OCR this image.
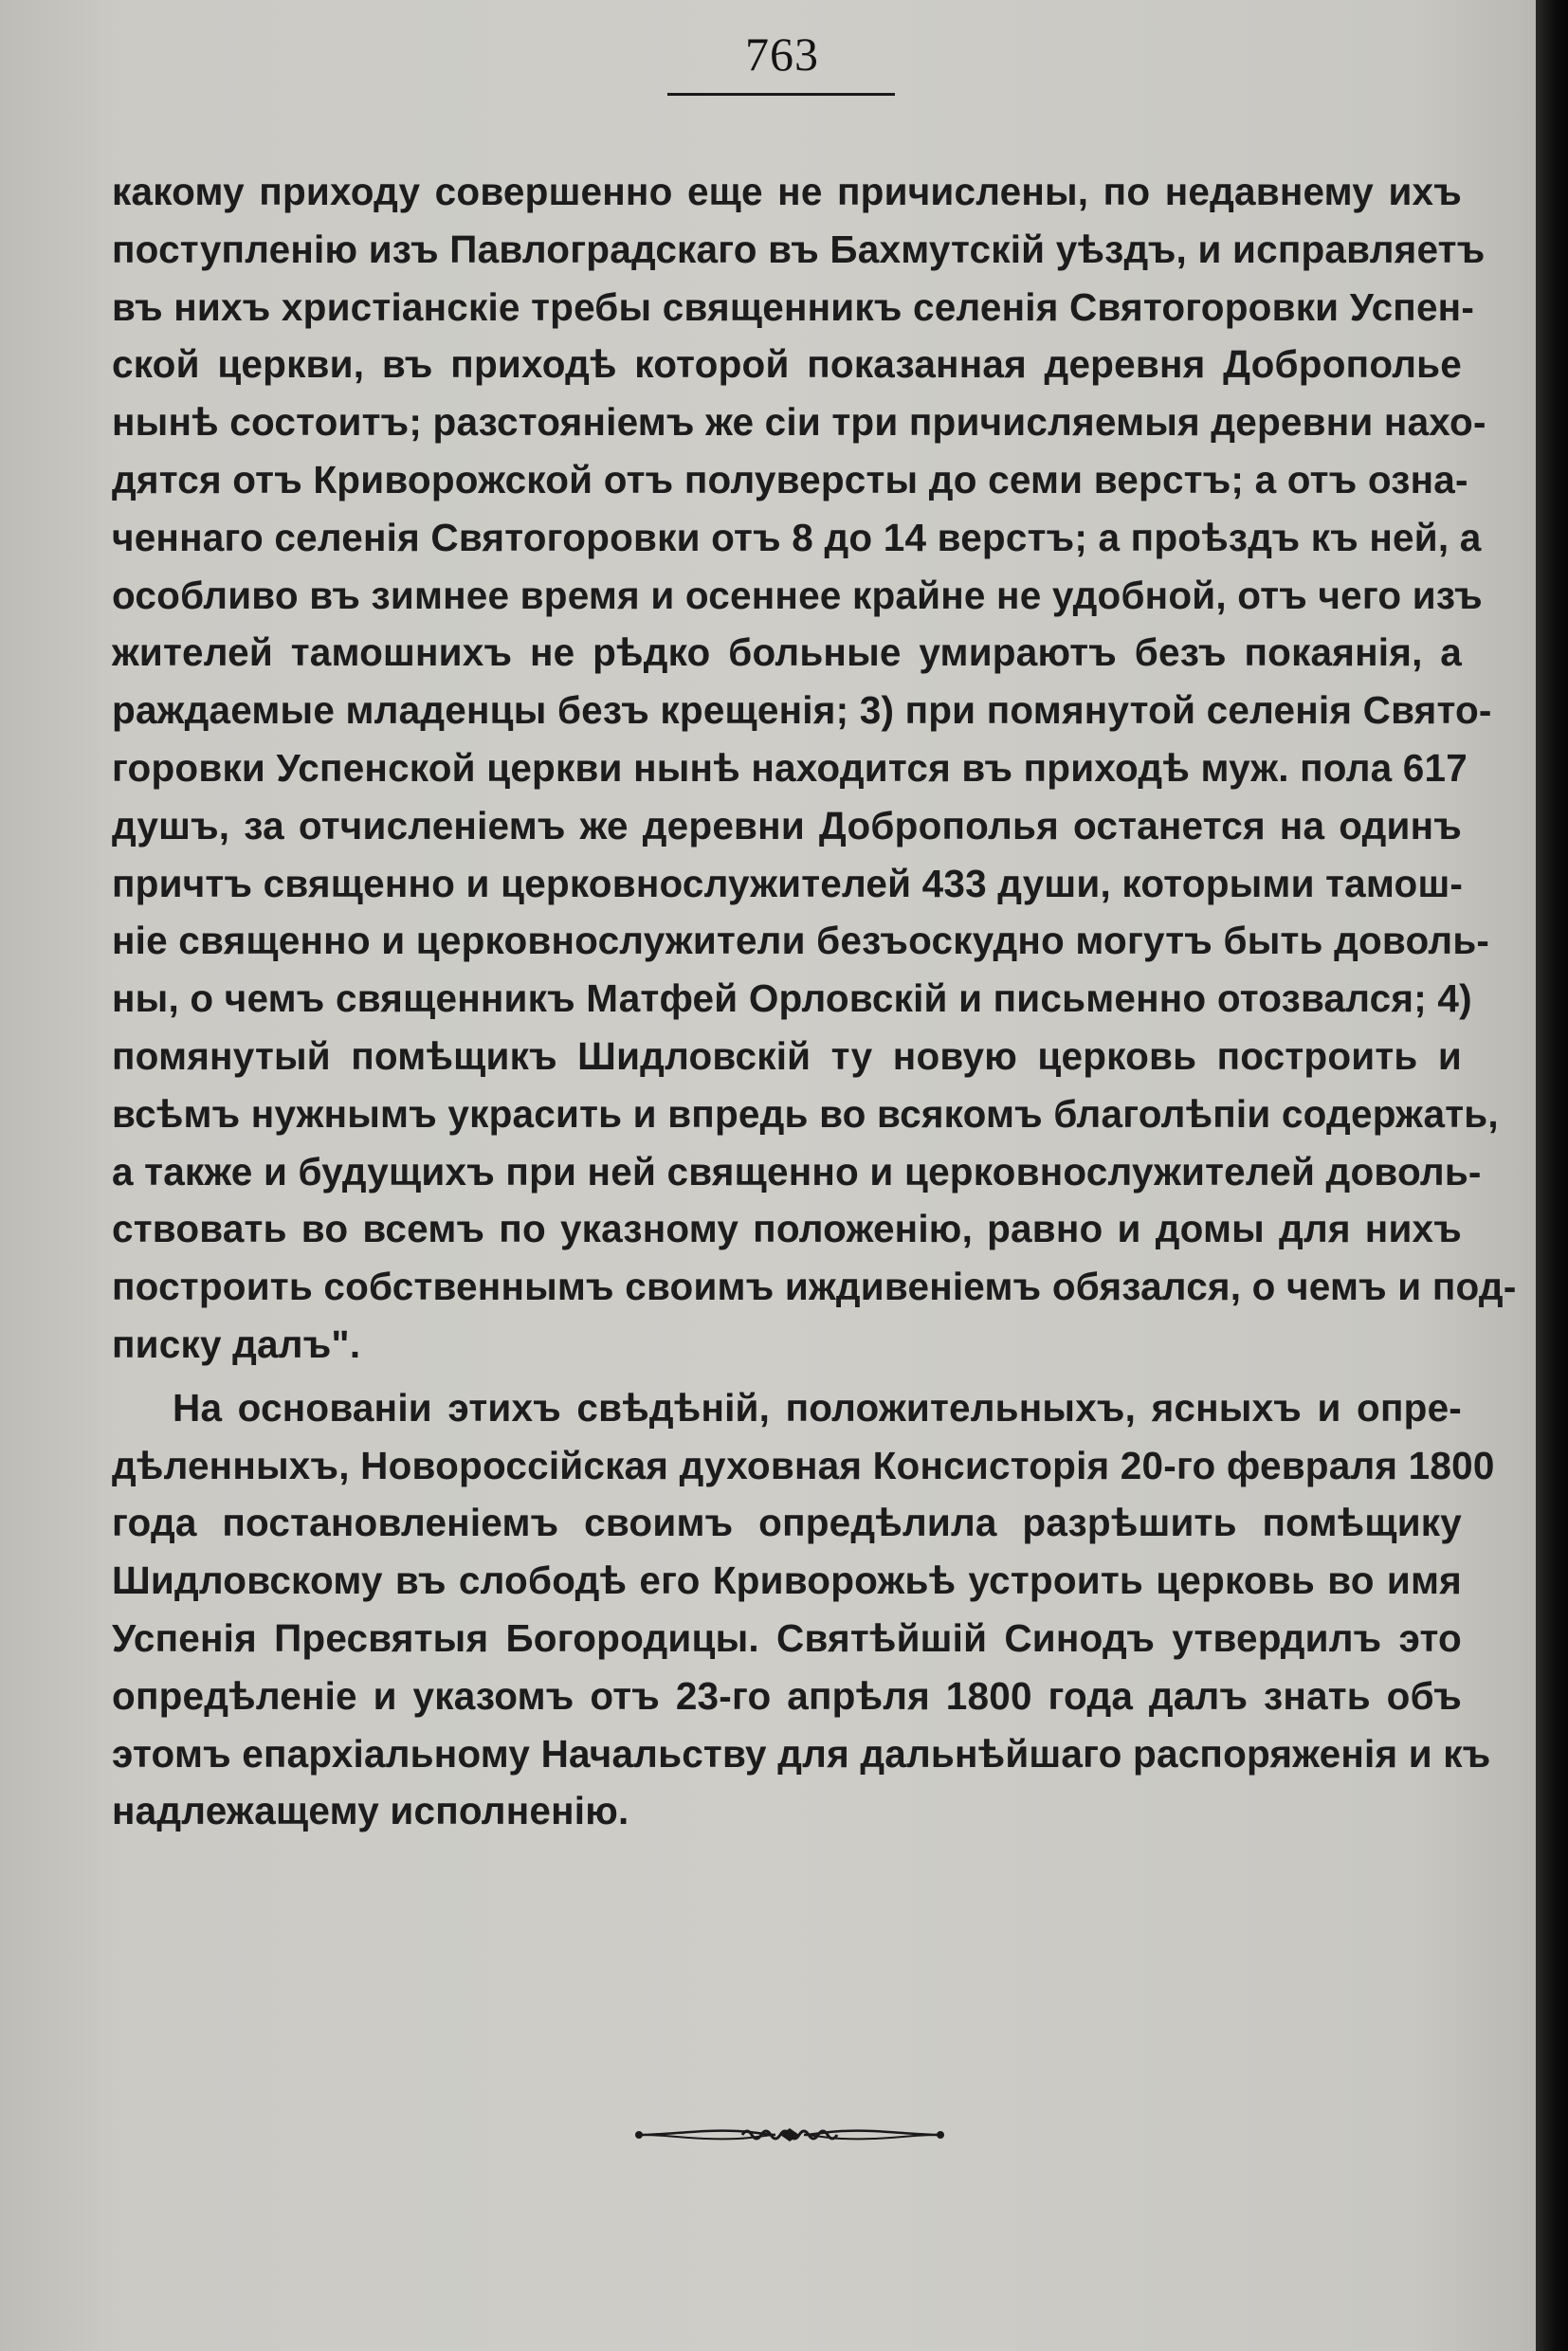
763
какому приходу совершенно еще не причислены, по недавнему ихъ
поступленію изъ Павлоградскаго въ Бахмутскій уѣздъ, и исправляетъ
въ нихъ христіанскіе требы священникъ селенія Святогоровки Успен-
ской церкви, въ приходѣ которой показанная деревня Доброполье
нынѣ состоитъ; разстояніемъ же сіи три причисляемыя деревни нахо-
дятся отъ Криворожской отъ полуверсты до семи верстъ; а отъ озна-
ченнаго селенія Святогоровки отъ 8 до 14 верстъ; а проѣздъ къ ней, а
особливо въ зимнее время и осеннее крайне не удобной, отъ чего изъ
жителей тамошнихъ не рѣдко больные умираютъ безъ покаянія, а
раждаемые младенцы безъ крещенія; 3) при помянутой селенія Свято-
горовки Успенской церкви нынѣ находится въ приходѣ муж. пола 617
душъ, за отчисленіемъ же деревни Доброполья останется на одинъ
причтъ священно и церковнослужителей 433 души, которыми тамош-
ніе священно и церковнослужители безъоскудно могутъ быть доволь-
ны, о чемъ священникъ Матфей Орловскій и письменно отозвался; 4)
помянутый помѣщикъ Шидловскій ту новую церковь построить и
всѣмъ нужнымъ украсить и впредь во всякомъ благолѣпіи содержать,
а также и будущихъ при ней священно и церковнослужителей доволь-
ствовать во всемъ по указному положенію, равно и домы для нихъ
построить собственнымъ своимъ иждивеніемъ обязался, о чемъ и под-
писку далъ".
На основаніи этихъ свѣдѣній, положительныхъ, ясныхъ и опре-
дѣленныхъ, Новороссійская духовная Консисторія 20-го февраля 1800
года постановленіемъ своимъ опредѣлила разрѣшить помѣщику
Шидловскому въ слободѣ его Криворожьѣ устроить церковь во имя
Успенія Пресвятыя Богородицы. Святѣйшій Синодъ утвердилъ это
опредѣленіе и указомъ отъ 23-го апрѣля 1800 года далъ знать объ
этомъ епархіальному Начальству для дальнѣйшаго распоряженія и къ
надлежащему исполненію.
